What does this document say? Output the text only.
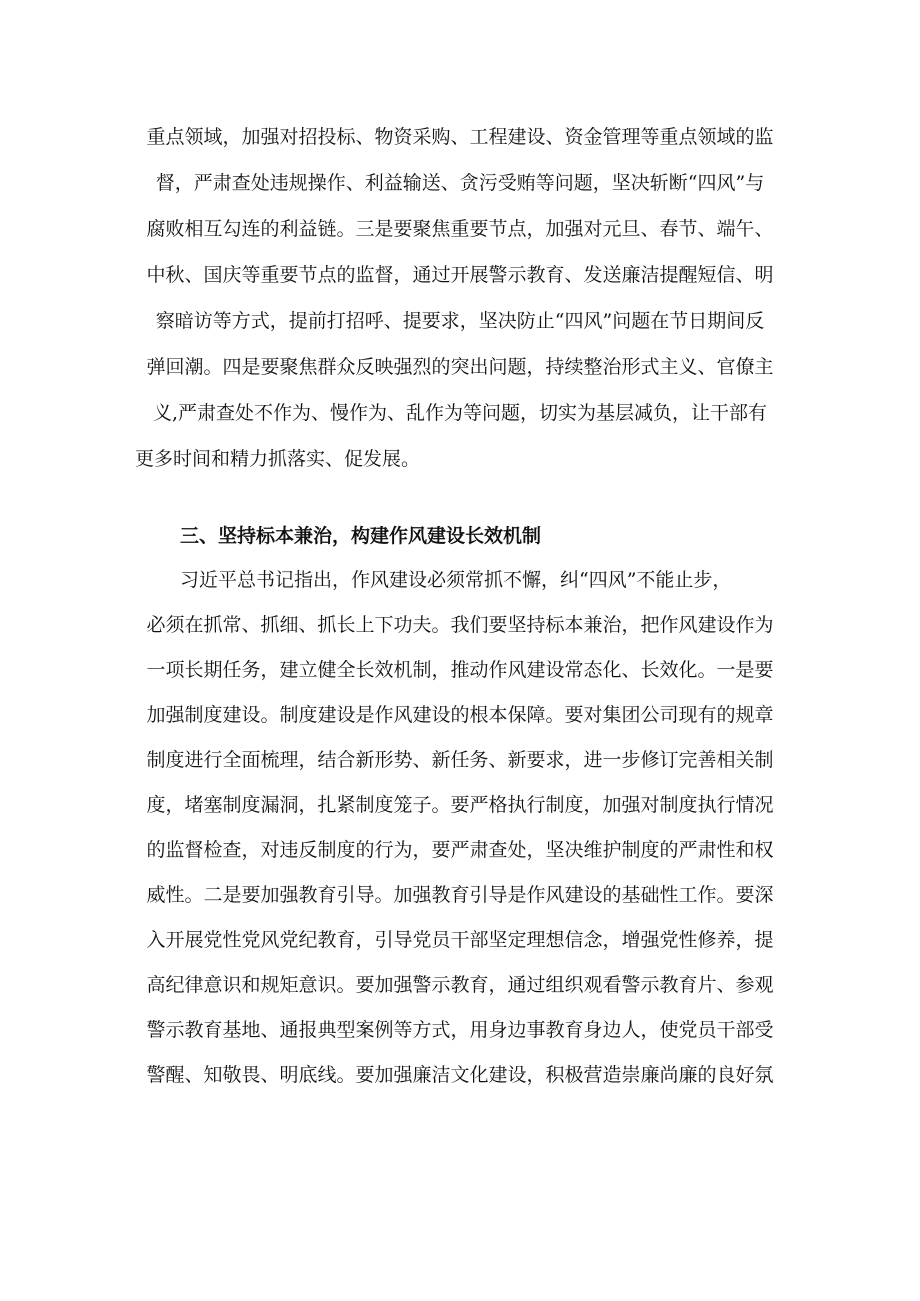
重点领域，加强对招投标、物资采购、工程建设、资金管理等重点领域的监
督，严肃查处违规操作、利益输送、贪污受贿等问题，坚决斩断“四风”与
腐败相互勾连的利益链。三是要聚焦重要节点，加强对元旦、春节、端午、
中秋、国庆等重要节点的监督，通过开展警示教育、发送廉洁提醒短信、明
察暗访等方式，提前打招呼、提要求，坚决防止“四风”问题在节日期间反
弹回潮。四是要聚焦群众反映强烈的突出问题，持续整治形式主义、官僚主
义,严肃查处不作为、慢作为、乱作为等问题，切实为基层减负，让干部有
更多时间和精力抓落实、促发展。
三、坚持标本兼治，构建作风建设长效机制
习近平总书记指出，作风建设必须常抓不懈，纠“四风”不能止步，
必须在抓常、抓细、抓长上下功夫。我们要坚持标本兼治，把作风建设作为
一项长期任务，建立健全长效机制，推动作风建设常态化、长效化。一是要
加强制度建设。制度建设是作风建设的根本保障。要对集团公司现有的规章
制度进行全面梳理，结合新形势、新任务、新要求，进一步修订完善相关制
度，堵塞制度漏洞，扎紧制度笼子。要严格执行制度，加强对制度执行情况
的监督检查，对违反制度的行为，要严肃查处，坚决维护制度的严肃性和权
威性。二是要加强教育引导。加强教育引导是作风建设的基础性工作。要深
入开展党性党风党纪教育，引导党员干部坚定理想信念，增强党性修养，提
高纪律意识和规矩意识。要加强警示教育，通过组织观看警示教育片、参观
警示教育基地、通报典型案例等方式，用身边事教育身边人，使党员干部受
警醒、知敬畏、明底线。要加强廉洁文化建设，积极营造崇廉尚廉的良好氛
